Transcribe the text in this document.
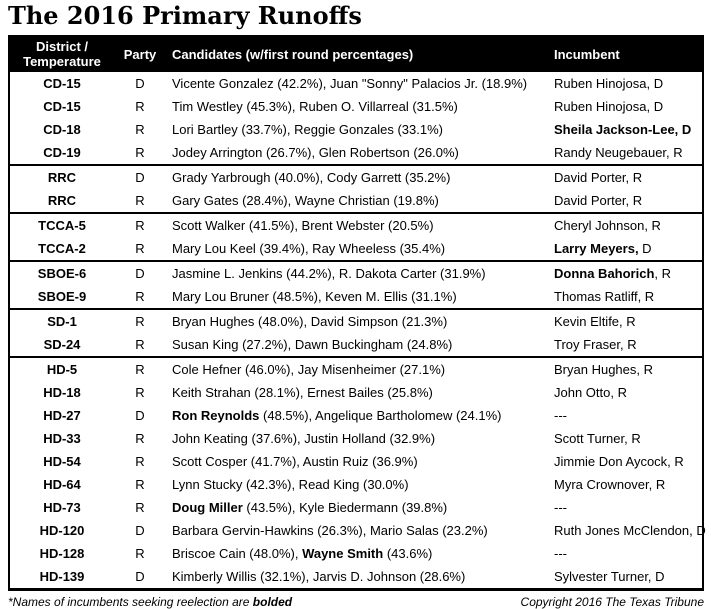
The 2016 Primary Runoffs
District / Temperature	Party	Candidates (w/first round percentages)	Incumbent
CD-15	D	Vicente Gonzalez (42.2%), Juan "Sonny" Palacios Jr. (18.9%)	Ruben Hinojosa, D
CD-15	R	Tim Westley (45.3%), Ruben O. Villarreal (31.5%)	Ruben Hinojosa, D
CD-18	R	Lori Bartley (33.7%), Reggie Gonzales (33.1%)	Sheila Jackson-Lee, D
CD-19	R	Jodey Arrington (26.7%), Glen Robertson (26.0%)	Randy Neugebauer, R
RRC	D	Grady Yarbrough (40.0%), Cody Garrett (35.2%)	David Porter, R
RRC	R	Gary Gates (28.4%), Wayne Christian (19.8%)	David Porter, R
TCCA-5	R	Scott Walker (41.5%), Brent Webster (20.5%)	Cheryl Johnson, R
TCCA-2	R	Mary Lou Keel (39.4%), Ray Wheeless (35.4%)	Larry Meyers, D
SBOE-6	D	Jasmine L. Jenkins (44.2%), R. Dakota Carter (31.9%)	Donna Bahorich, R
SBOE-9	R	Mary Lou Bruner (48.5%), Keven M. Ellis (31.1%)	Thomas Ratliff, R
SD-1	R	Bryan Hughes (48.0%), David Simpson (21.3%)	Kevin Eltife, R
SD-24	R	Susan King (27.2%), Dawn Buckingham (24.8%)	Troy Fraser, R
HD-5	R	Cole Hefner (46.0%), Jay Misenheimer (27.1%)	Bryan Hughes, R
HD-18	R	Keith Strahan (28.1%), Ernest Bailes (25.8%)	John Otto, R
HD-27	D	Ron Reynolds (48.5%), Angelique Bartholomew (24.1%)	---
HD-33	R	John Keating (37.6%), Justin Holland (32.9%)	Scott Turner, R
HD-54	R	Scott Cosper (41.7%), Austin Ruiz (36.9%)	Jimmie Don Aycock, R
HD-64	R	Lynn Stucky (42.3%), Read King (30.0%)	Myra Crownover, R
HD-73	R	Doug Miller (43.5%), Kyle Biedermann (39.8%)	---
HD-120	D	Barbara Gervin-Hawkins (26.3%), Mario Salas (23.2%)	Ruth Jones McClendon, D
HD-128	R	Briscoe Cain (48.0%), Wayne Smith (43.6%)	---
HD-139	D	Kimberly Willis (32.1%), Jarvis D. Johnson (28.6%)	Sylvester Turner, D
*Names of incumbents seeking reelection are bolded	Copyright 2016 The Texas Tribune
